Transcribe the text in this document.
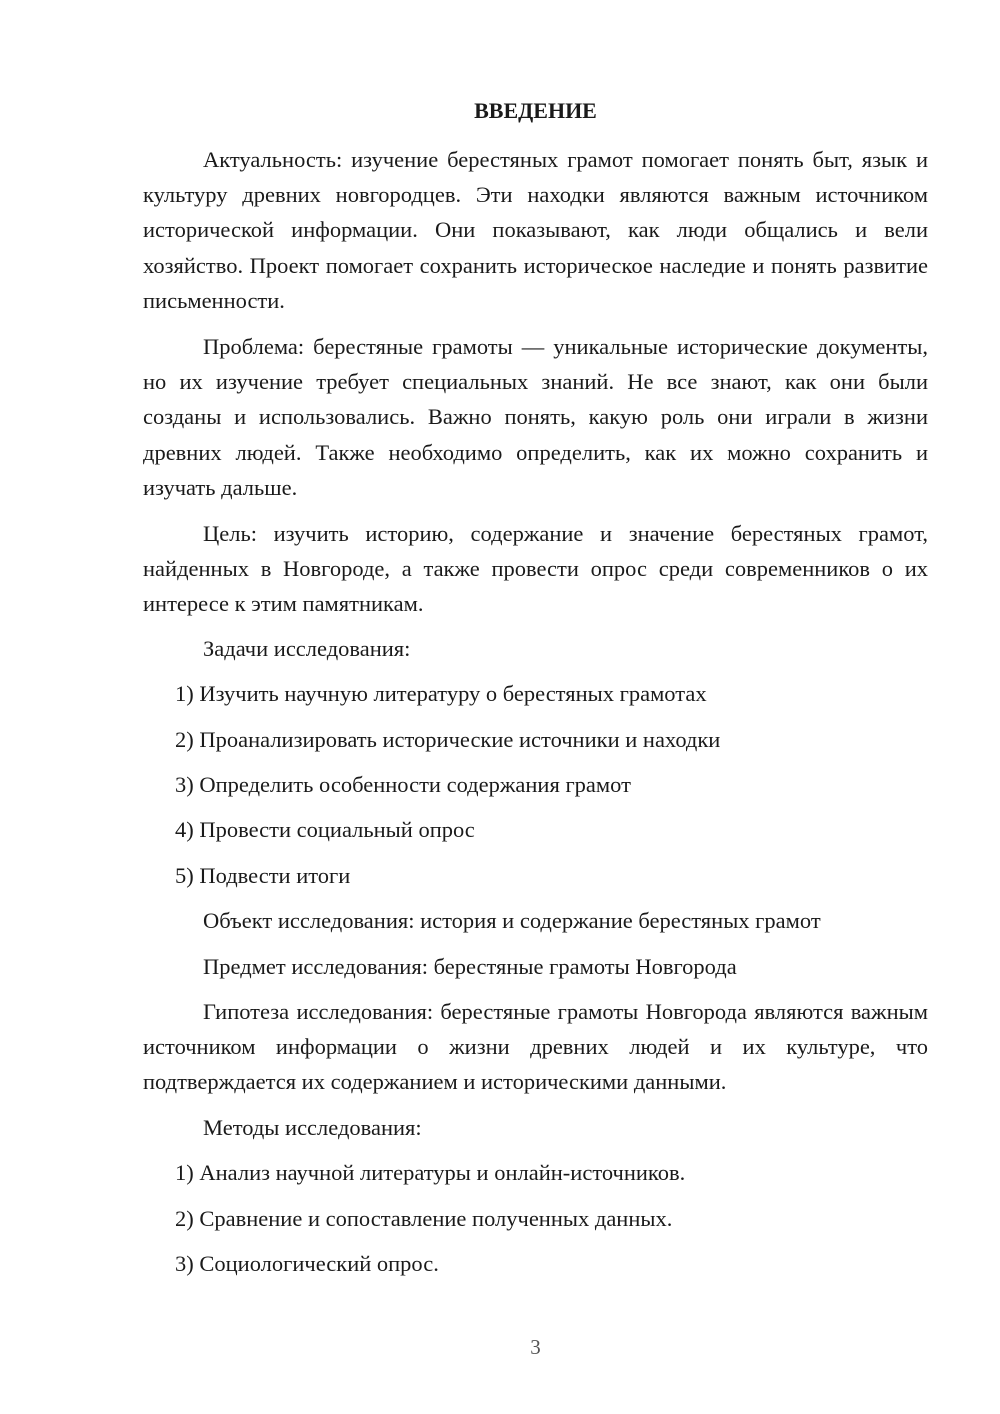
ВВЕДЕНИЕ

Актуальность: изучение берестяных грамот помогает понять быт, язык и культуру древних новгородцев. Эти находки являются важным источником исторической информации. Они показывают, как люди общались и вели хозяйство. Проект помогает сохранить историческое наследие и понять развитие письменности.

Проблема: берестяные грамоты — уникальные исторические документы, но их изучение требует специальных знаний. Не все знают, как они были созданы и использовались. Важно понять, какую роль они играли в жизни древних людей. Также необходимо определить, как их можно сохранить и изучать дальше.

Цель: изучить историю, содержание и значение берестяных грамот, найденных в Новгороде, а также провести опрос среди современников о их интересе к этим памятникам.

Задачи исследования:

1) Изучить научную литературу о берестяных грамотах

2) Проанализировать исторические источники и находки

3) Определить особенности содержания грамот

4) Провести социальный опрос

5) Подвести итоги

Объект исследования: история и содержание берестяных грамот

Предмет исследования: берестяные грамоты Новгорода

Гипотеза исследования: берестяные грамоты Новгорода являются важным источником информации о жизни древних людей и их культуре, что подтверждается их содержанием и историческими данными.

Методы исследования:

1) Анализ научной литературы и онлайн-источников.

2) Сравнение и сопоставление полученных данных.

3) Социологический опрос.

3
